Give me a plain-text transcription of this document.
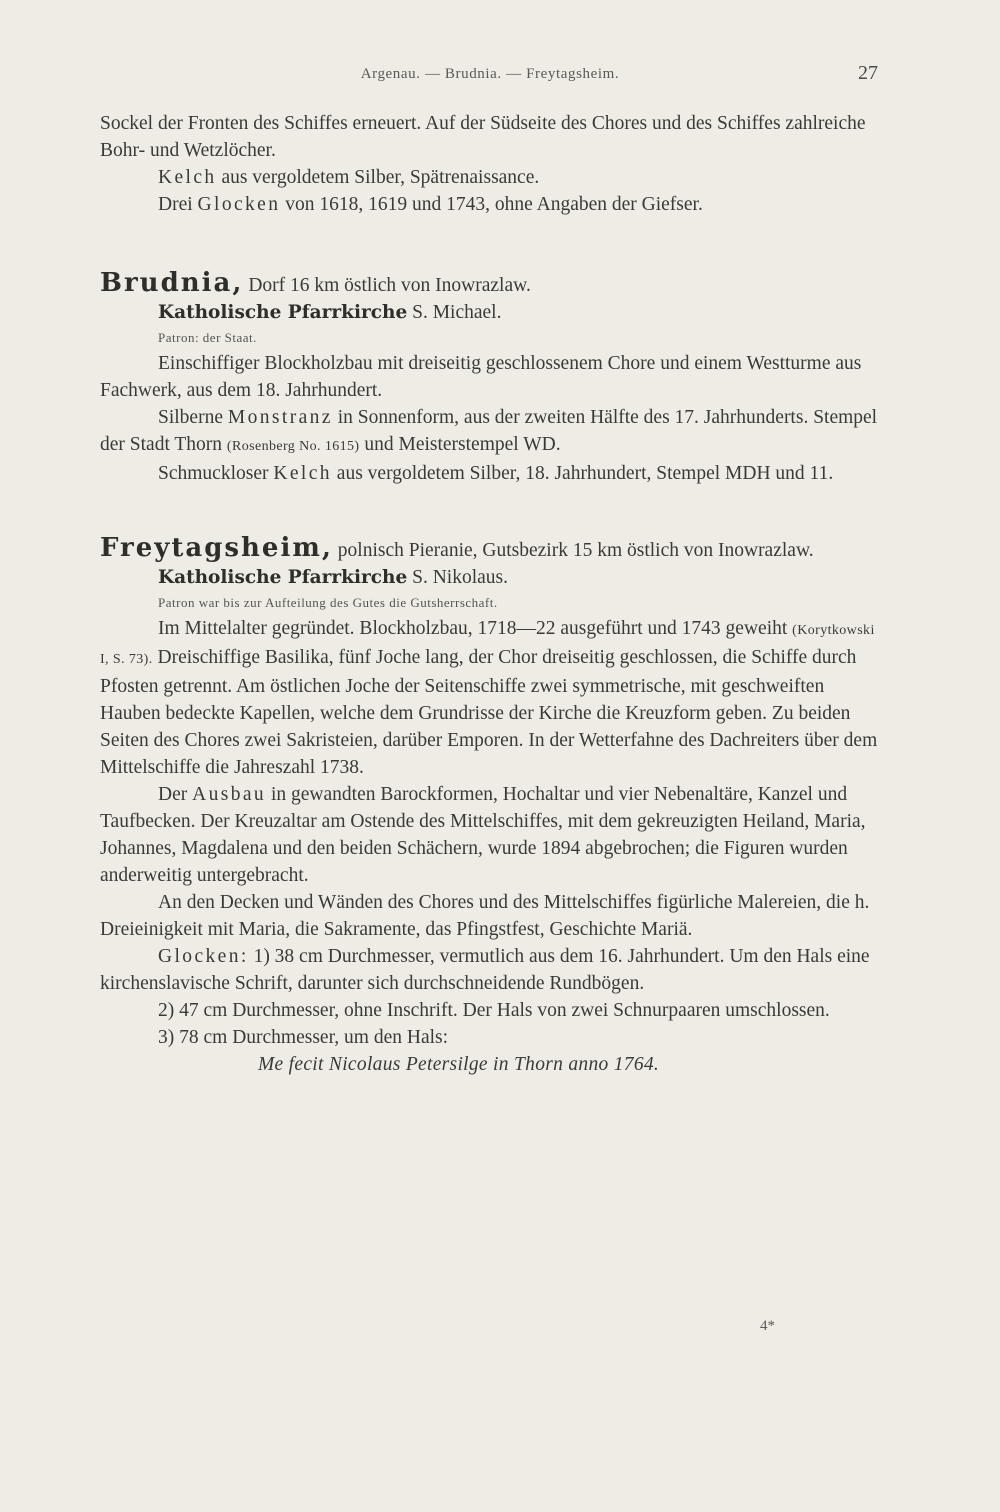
Argenau. — Brudnia. — Freytagsheim.	27

Sockel der Fronten des Schiffes erneuert. Auf der Südseite des Chores und des Schiffes zahlreiche Bohr- und Wetzlöcher.

Kelch aus vergoldetem Silber, Spätrenaissance.

Drei Glocken von 1618, 1619 und 1743, ohne Angaben der Giefser.

Brudnia, Dorf 16 km östlich von Inowrazlaw.

Katholische Pfarrkirche S. Michael.

Patron: der Staat.

Einschiffiger Blockholzbau mit dreiseitig geschlossenem Chore und einem Westturme aus Fachwerk, aus dem 18. Jahrhundert.

Silberne Monstranz in Sonnenform, aus der zweiten Hälfte des 17. Jahrhunderts. Stempel der Stadt Thorn (Rosenberg No. 1615) und Meisterstempel WD.

Schmuckloser Kelch aus vergoldetem Silber, 18. Jahrhundert, Stempel MDH und 11.

Freytagsheim, polnisch Pieranie, Gutsbezirk 15 km östlich von Inowrazlaw.

Katholische Pfarrkirche S. Nikolaus.

Patron war bis zur Aufteilung des Gutes die Gutsherrschaft.

Im Mittelalter gegründet. Blockholzbau, 1718—22 ausgeführt und 1743 geweiht (Korytkowski I, S. 73). Dreischiffige Basilika, fünf Joche lang, der Chor dreiseitig geschlossen, die Schiffe durch Pfosten getrennt. Am östlichen Joche der Seitenschiffe zwei symmetrische, mit geschweiften Hauben bedeckte Kapellen, welche dem Grundrisse der Kirche die Kreuzform geben. Zu beiden Seiten des Chores zwei Sakristeien, darüber Emporen. In der Wetterfahne des Dachreiters über dem Mittelschiffe die Jahreszahl 1738.

Der Ausbau in gewandten Barockformen, Hochaltar und vier Nebenaltäre, Kanzel und Taufbecken. Der Kreuzaltar am Ostende des Mittelschiffes, mit dem gekreuzigten Heiland, Maria, Johannes, Magdalena und den beiden Schächern, wurde 1894 abgebrochen; die Figuren wurden anderweitig untergebracht.

An den Decken und Wänden des Chores und des Mittelschiffes figürliche Malereien, die h. Dreieinigkeit mit Maria, die Sakramente, das Pfingstfest, Geschichte Mariä.

Glocken: 1) 38 cm Durchmesser, vermutlich aus dem 16. Jahrhundert. Um den Hals eine kirchenslavische Schrift, darunter sich durchschneidende Rundbögen.

2) 47 cm Durchmesser, ohne Inschrift. Der Hals von zwei Schnurpaaren umschlossen.

3) 78 cm Durchmesser, um den Hals:

Me fecit Nicolaus Petersilge in Thorn anno 1764.

4*
